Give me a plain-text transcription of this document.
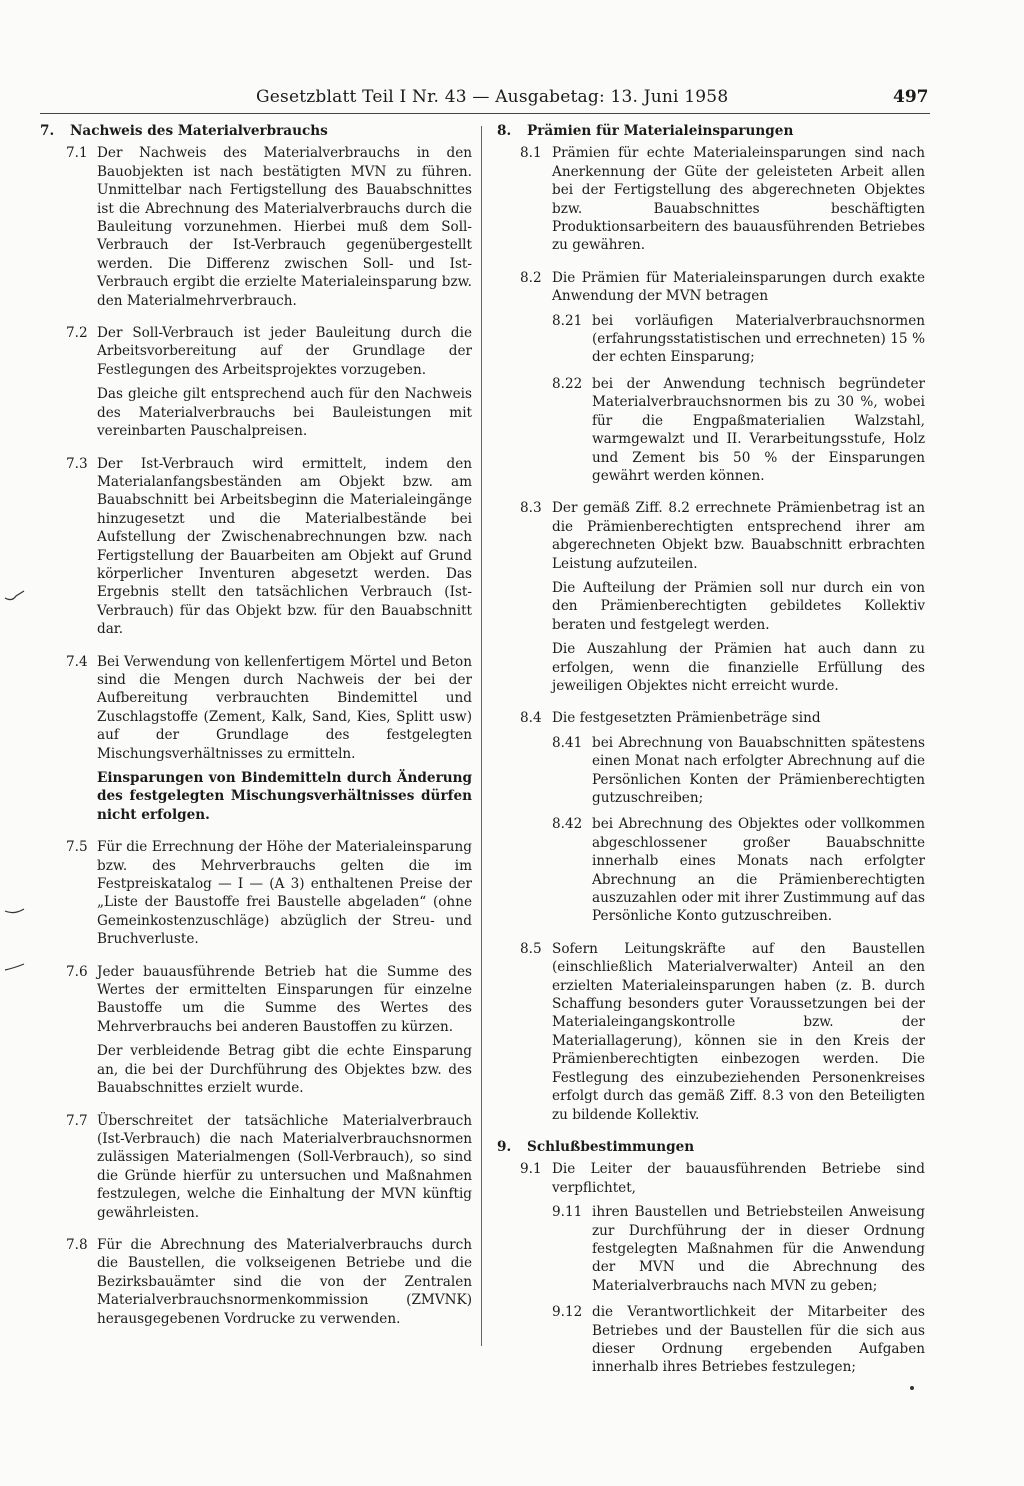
Gesetzblatt Teil I Nr. 43 — Ausgabetag: 13. Juni 1958	497
7. Nachweis des Materialverbrauchs
7.1 Der Nachweis des Materialverbrauchs in den Bauobjekten ist nach bestätigten MVN zu führen. Unmittelbar nach Fertigstellung des Bauabschnittes ist die Abrechnung des Materialverbrauchs durch die Bauleitung vorzunehmen. Hierbei muß dem Soll-Verbrauch der Ist-Verbrauch gegenübergestellt werden. Die Differenz zwischen Soll- und Ist-Verbrauch ergibt die erzielte Materialeinsparung bzw. den Materialmehrverbrauch.

7.2 Der Soll-Verbrauch ist jeder Bauleitung durch die Arbeitsvorbereitung auf der Grundlage der Festlegungen des Arbeitsprojektes vorzugeben.

Das gleiche gilt entsprechend auch für den Nachweis des Materialverbrauchs bei Bauleistungen mit vereinbarten Pauschalpreisen.

7.3 Der Ist-Verbrauch wird ermittelt, indem den Materialanfangsbeständen am Objekt bzw. am Bauabschnitt bei Arbeitsbeginn die Materialeingänge hinzugesetzt und die Materialbestände bei Aufstellung der Zwischenabrechnungen bzw. nach Fertigstellung der Bauarbeiten am Objekt auf Grund körperlicher Inventuren abgesetzt werden. Das Ergebnis stellt den tatsächlichen Verbrauch (Ist-Verbrauch) für das Objekt bzw. für den Bauabschnitt dar.

7.4 Bei Verwendung von kellenfertigem Mörtel und Beton sind die Mengen durch Nachweis der bei der Aufbereitung verbrauchten Bindemittel und Zuschlagstoffe (Zement, Kalk, Sand, Kies, Splitt usw) auf der Grundlage des festgelegten Mischungsverhältnisses zu ermitteln.

Einsparungen von Bindemitteln durch Änderung des festgelegten Mischungsverhältnisses dürfen nicht erfolgen.

7.5 Für die Errechnung der Höhe der Materialeinsparung bzw. des Mehrverbrauchs gelten die im Festpreiskatalog — I — (A 3) enthaltenen Preise der „Liste der Baustoffe frei Baustelle abgeladen“ (ohne Gemeinkostenzuschläge) abzüglich der Streu- und Bruchverluste.

7.6 Jeder bauausführende Betrieb hat die Summe des Wertes der ermittelten Einsparungen für einzelne Baustoffe um die Summe des Wertes des Mehrverbrauchs bei anderen Baustoffen zu kürzen.

Der verbleidende Betrag gibt die echte Einsparung an, die bei der Durchführung des Objektes bzw. des Bauabschnittes erzielt wurde.

7.7 Überschreitet der tatsächliche Materialverbrauch (Ist-Verbrauch) die nach Materialverbrauchsnormen zulässigen Materialmengen (Soll-Verbrauch), so sind die Gründe hierfür zu untersuchen und Maßnahmen festzulegen, welche die Einhaltung der MVN künftig gewährleisten.

7.8 Für die Abrechnung des Materialverbrauchs durch die Baustellen, die volkseigenen Betriebe und die Bezirksbauämter sind die von der Zentralen Materialverbrauchsnormenkommission (ZMVNK) herausgegebenen Vordrucke zu verwenden.

8. Prämien für Materialeinsparungen
8.1 Prämien für echte Materialeinsparungen sind nach Anerkennung der Güte der geleisteten Arbeit allen bei der Fertigstellung des abgerechneten Objektes bzw. Bauabschnittes beschäftigten Produktionsarbeitern des bauausführenden Betriebes zu gewähren.

8.2 Die Prämien für Materialeinsparungen durch exakte Anwendung der MVN betragen

8.21 bei vorläufigen Materialverbrauchsnormen (erfahrungsstatistischen und errechneten) 15 % der echten Einsparung;

8.22 bei der Anwendung technisch begründeter Materialverbrauchsnormen bis zu 30 %, wobei für die Engpaßmaterialien Walzstahl, warmgewalzt und II. Verarbeitungsstufe, Holz und Zement bis 50 % der Einsparungen gewährt werden können.

8.3 Der gemäß Ziff. 8.2 errechnete Prämienbetrag ist an die Prämienberechtigten entsprechend ihrer am abgerechneten Objekt bzw. Bauabschnitt erbrachten Leistung aufzuteilen.

Die Aufteilung der Prämien soll nur durch ein von den Prämienberechtigten gebildetes Kollektiv beraten und festgelegt werden.

Die Auszahlung der Prämien hat auch dann zu erfolgen, wenn die finanzielle Erfüllung des jeweiligen Objektes nicht erreicht wurde.

8.4 Die festgesetzten Prämienbeträge sind

8.41 bei Abrechnung von Bauabschnitten spätestens einen Monat nach erfolgter Abrechnung auf die Persönlichen Konten der Prämienberechtigten gutzuschreiben;

8.42 bei Abrechnung des Objektes oder vollkommen abgeschlossener großer Bauabschnitte innerhalb eines Monats nach erfolgter Abrechnung an die Prämienberechtigten auszuzahlen oder mit ihrer Zustimmung auf das Persönliche Konto gutzuschreiben.

8.5 Sofern Leitungskräfte auf den Baustellen (einschließlich Materialverwalter) Anteil an den erzielten Materialeinsparungen haben (z. B. durch Schaffung besonders guter Voraussetzungen bei der Materialeingangskontrolle bzw. der Materiallagerung), können sie in den Kreis der Prämienberechtigten einbezogen werden. Die Festlegung des einzubeziehenden Personenkreises erfolgt durch das gemäß Ziff. 8.3 von den Beteiligten zu bildende Kollektiv.

9. Schlußbestimmungen
9.1 Die Leiter der bauausführenden Betriebe sind verpflichtet,

9.11 ihren Baustellen und Betriebsteilen Anweisung zur Durchführung der in dieser Ordnung festgelegten Maßnahmen für die Anwendung der MVN und die Abrechnung des Materialverbrauchs nach MVN zu geben;

9.12 die Verantwortlichkeit der Mitarbeiter des Betriebes und der Baustellen für die sich aus dieser Ordnung ergebenden Aufgaben innerhalb ihres Betriebes festzulegen;
